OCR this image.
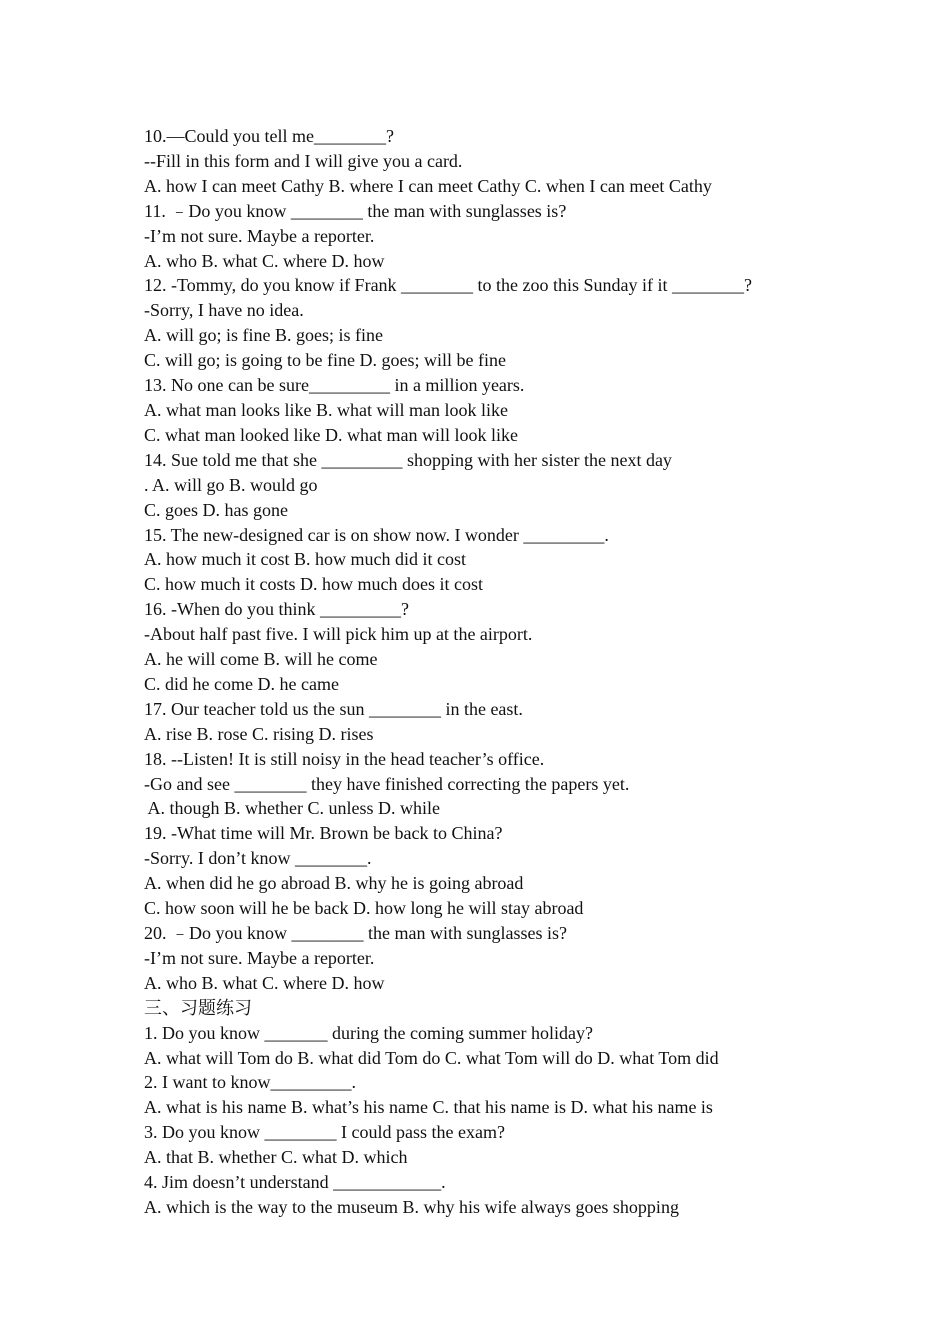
10.—Could you tell me________?

--Fill in this form and I will give you a card.

A. how I can meet Cathy B. where I can meet Cathy C. when I can meet Cathy

11. ﹣Do you know ________ the man with sunglasses is?

-I’m not sure. Maybe a reporter.

A. who B. what C. where D. how

12. -Tommy, do you know if Frank ________ to the zoo this Sunday if it ________?

-Sorry, I have no idea.

A. will go; is fine B. goes; is fine

C. will go; is going to be fine D. goes; will be fine

13. No one can be sure_________ in a million years.

A. what man looks like B. what will man look like

C. what man looked like D. what man will look like

14. Sue told me that she _________ shopping with her sister the next day

. A. will go B. would go

C. goes D. has gone

15. The new-designed car is on show now. I wonder _________.

A. how much it cost B. how much did it cost

C. how much it costs D. how much does it cost

16. -When do you think _________?

-About half past five. I will pick him up at the airport.

A. he will come B. will he come

C. did he come D. he came

17. Our teacher told us the sun ________ in the east.

A. rise B. rose C. rising D. rises

18. --Listen! It is still noisy in the head teacher’s office.

-Go and see ________ they have finished correcting the papers yet.

A. though B. whether C. unless D. while

19. -What time will Mr. Brown be back to China?

-Sorry. I don’t know ________.

A. when did he go abroad B. why he is going abroad

C. how soon will he be back D. how long he will stay abroad

20. ﹣Do you know ________ the man with sunglasses is?

-I’m not sure. Maybe a reporter.

A. who B. what C. where D. how

三、习题练习

1. Do you know _______ during the coming summer holiday?

A. what will Tom do B. what did Tom do C. what Tom will do D. what Tom did

2. I want to know_________.

A. what is his name B. what’s his name C. that his name is D. what his name is

3. Do you know ________ I could pass the exam?

A. that B. whether C. what D. which

4. Jim doesn’t understand ____________.

A. which is the way to the museum B. why his wife always goes shopping
